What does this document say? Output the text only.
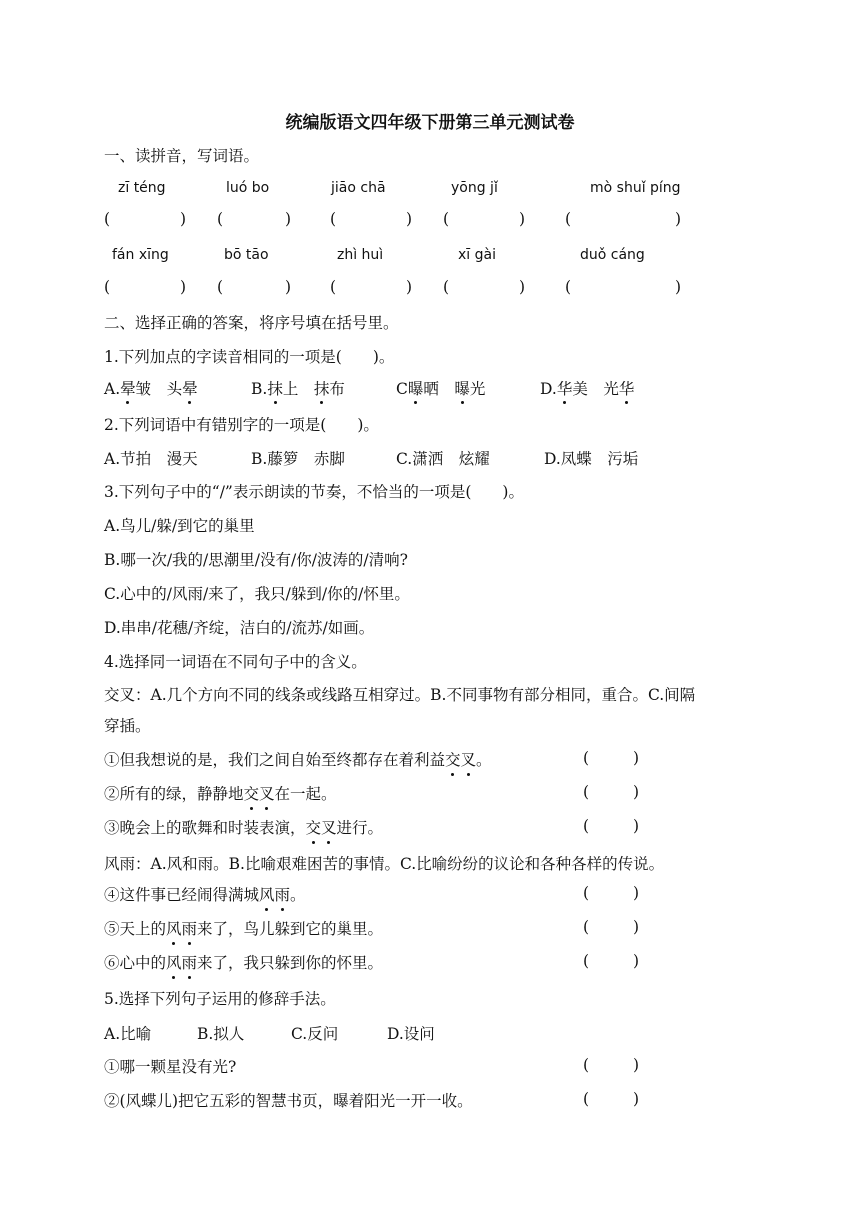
统编版语文四年级下册第三单元测试卷
一、读拼音，写词语。
zī téng	luó bo	jiāo chā	yōng jǐ	mò shuǐ píng
(	) (	)	(	) (	)	(	)
fán xīng	bō tāo	zhì huì	xī gài	duǒ cáng
(	) (	)	(	) (	)	(	)
二、选择正确的答案，将序号填在括号里。
1.下列加点的字读音相同的一项是(　　)。
A.晕皱　头晕	B.抹上　抹布	C曝晒　曝光	D.华美　光华
2.下列词语中有错别字的一项是(　　)。
A.节拍　漫天	B.藤箩　赤脚	C.潇洒　炫耀	D.凤蝶　污垢
3.下列句子中的“/”表示朗读的节奏，不恰当的一项是(　　)。
A.鸟儿/躲/到它的巢里
B.哪一次/我的/思潮里/没有/你/波涛的/清响?
C.心中的/风雨/来了，我只/躲到/你的/怀里。
D.串串/花穗/齐绽，洁白的/流苏/如画。
4.选择同一词语在不同句子中的含义。
交叉：A.几个方向不同的线条或线路互相穿过。B.不同事物有部分相同，重合。C.间隔
穿插。
①但我想说的是，我们之间自始至终都存在着利益交叉。
②所有的绿，静静地交叉在一起。
③晚会上的歌舞和时装表演，交叉进行。
风雨：A.风和雨。B.比喻艰难困苦的事情。C.比喻纷纷的议论和各种各样的传说。
④这件事已经闹得满城风雨。
⑤天上的风雨来了，鸟儿躲到它的巢里。
⑥心中的风雨来了，我只躲到你的怀里。
5.选择下列句子运用的修辞手法。
A.比喻	B.拟人	C.反问	D.设问
①哪一颗星没有光?
②(风蝶儿)把它五彩的智慧书页，曝着阳光一开一收。
